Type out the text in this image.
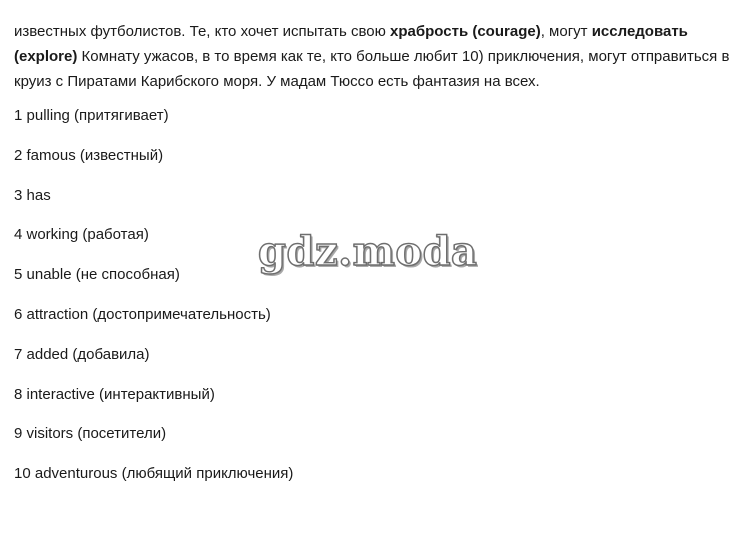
известных футболистов. Те, кто хочет испытать свою храбрость (courage), могут исследовать
(explore) Комнату ужасов, в то время как те, кто больше любит 10) приключения, могут отправиться в круиз с Пиратами Карибского моря. У мадам Тюссо есть фантазия на всех.

1 pulling (притягивает)
2 famous (известный)
3 has
4 working (работая)
5 unable (не способная)
6 attraction (достопримечательность)
7 added (добавила)
8 interactive (интерактивный)
9 visitors (посетители)
10 adventurous (любящий приключения)
gdz.moda
